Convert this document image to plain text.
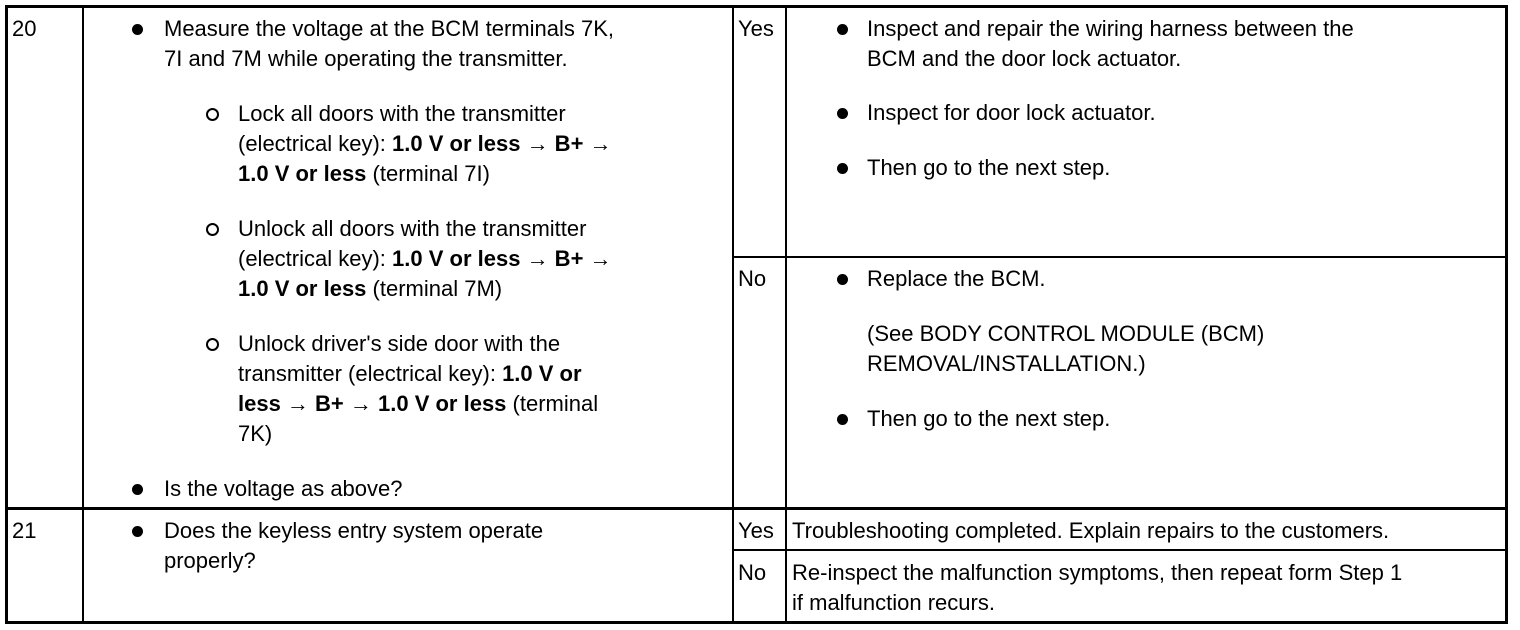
20	Measure the voltage at the BCM terminals 7K,
7I and 7M while operating the transmitter.
Lock all doors with the transmitter
(electrical key): 1.0 V or less → B+ →
1.0 V or less (terminal 7I)
Unlock all doors with the transmitter
(electrical key): 1.0 V or less → B+ →
1.0 V or less (terminal 7M)
Unlock driver's side door with the
transmitter (electrical key): 1.0 V or
less → B+ → 1.0 V or less (terminal
7K)
Is the voltage as above?
Yes	Inspect and repair the wiring harness between the
BCM and the door lock actuator.
Inspect for door lock actuator.
Then go to the next step.
No	Replace the BCM.
(See BODY CONTROL MODULE (BCM)
REMOVAL/INSTALLATION.)
Then go to the next step.
21	Does the keyless entry system operate
properly?
Yes Troubleshooting completed. Explain repairs to the customers.
No Re-inspect the malfunction symptoms, then repeat form Step 1
if malfunction recurs.
